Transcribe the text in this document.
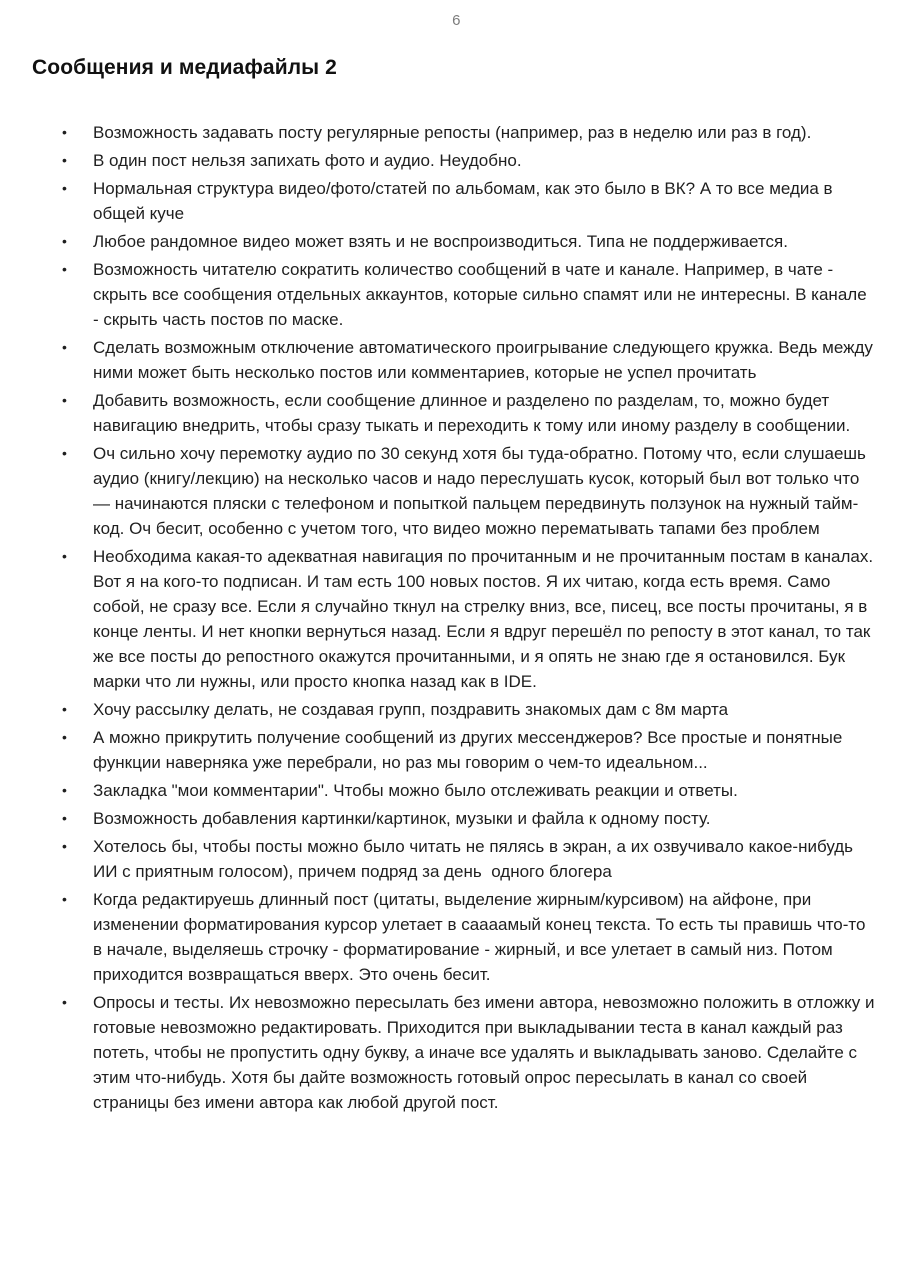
6
Сообщения и медиафайлы 2
•	Возможность задавать посту регулярные репосты (например, раз в неделю или раз в год).
•	В один пост нельзя запихать фото и аудио. Неудобно.
•	Нормальная структура видео/фото/статей по альбомам, как это было в ВК? А то все медиа в общей куче
•	Любое рандомное видео может взять и не воспроизводиться. Типа не поддерживается.
•	Возможность читателю сократить количество сообщений в чате и канале. Например, в чате - скрыть все сообщения отдельных аккаунтов, которые сильно спамят или не интересны. В канале - скрыть часть постов по маске.
•	Сделать возможным отключение автоматического проигрывание следующего кружка. Ведь между ними может быть несколько постов или комментариев, которые не успел прочитать
•	Добавить возможность, если сообщение длинное и разделено по разделам, то, можно будет навигацию внедрить, чтобы сразу тыкать и переходить к тому или иному разделу в сообщении.
•	Оч сильно хочу перемотку аудио по 30 секунд хотя бы туда-обратно. Потому что, если слушаешь аудио (книгу/лекцию) на несколько часов и надо переслушать кусок, который был вот только что — начинаются пляски с телефоном и попыткой пальцем передвинуть ползунок на нужный тайм-код. Оч бесит, особенно с учетом того, что видео можно перематывать тапами без проблем
•	Необходима какая-то адекватная навигация по прочитанным и не прочитанным постам в каналах. Вот я на кого-то подписан. И там есть 100 новых постов. Я их читаю, когда есть время. Само собой, не сразу все. Если я случайно ткнул на стрелку вниз, все, писец, все посты прочитаны, я в конце ленты. И нет кнопки вернуться назад. Если я вдруг перешёл по репосту в этот канал, то так же все посты до репостного окажутся прочитанными, и я опять не знаю где я остановился. Бук марки что ли нужны, или просто кнопка назад как в IDE.
•	Хочу рассылку делать, не создавая групп, поздравить знакомых дам с 8м марта
•	А можно прикрутить получение сообщений из других мессенджеров? Все простые и понятные функции наверняка уже перебрали, но раз мы говорим о чем-то идеальном...
•	Закладка "мои комментарии". Чтобы можно было отслеживать реакции и ответы.
•	Возможность добавления картинки/картинок, музыки и файла к одному посту.
•	Хотелось бы, чтобы посты можно было читать не пялясь в экран, а их озвучивало какое-нибудь ИИ с приятным голосом), причем подряд за день  одного блогера
•	Когда редактируешь длинный пост (цитаты, выделение жирным/курсивом) на айфоне, при изменении форматирования курсор улетает в саааамый конец текста. То есть ты правишь что-то в начале, выделяешь строчку - форматирование - жирный, и все улетает в самый низ. Потом приходится возвращаться вверх. Это очень бесит.
•	Опросы и тесты. Их невозможно пересылать без имени автора, невозможно положить в отложку и готовые невозможно редактировать. Приходится при выкладывании теста в канал каждый раз потеть, чтобы не пропустить одну букву, а иначе все удалять и выкладывать заново. Сделайте с этим что-нибудь. Хотя бы дайте возможность готовый опрос пересылать в канал со своей страницы без имени автора как любой другой пост.
